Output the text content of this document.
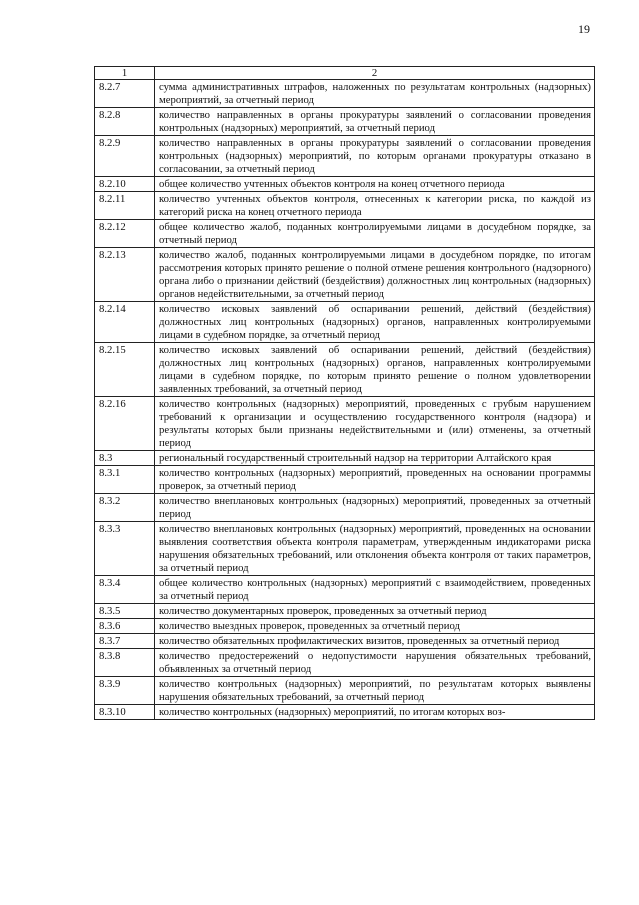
19
1	2
8.2.7	сумма административных штрафов, наложенных по результатам контрольных (надзорных) мероприятий, за отчетный период
8.2.8	количество направленных в органы прокуратуры заявлений о согласовании проведения контрольных (надзорных) мероприятий, за отчетный период
8.2.9	количество направленных в органы прокуратуры заявлений о согласовании проведения контрольных (надзорных) мероприятий, по которым органами прокуратуры отказано в согласовании, за отчетный период
8.2.10	общее количество учтенных объектов контроля на конец отчетного периода
8.2.11	количество учтенных объектов контроля, отнесенных к категории риска, по каждой из категорий риска на конец отчетного периода
8.2.12	общее количество жалоб, поданных контролируемыми лицами в досудебном порядке, за отчетный период
8.2.13	количество жалоб, поданных контролируемыми лицами в досудебном порядке, по итогам рассмотрения которых принято решение о полной отмене решения контрольного (надзорного) органа либо о признании действий (бездействия) должностных лиц контрольных (надзорных) органов недействительными, за отчетный период
8.2.14	количество исковых заявлений об оспаривании решений, действий (бездействия) должностных лиц контрольных (надзорных) органов, направленных контролируемыми лицами в судебном порядке, за отчетный период
8.2.15	количество исковых заявлений об оспаривании решений, действий (бездействия) должностных лиц контрольных (надзорных) органов, направленных контролируемыми лицами в судебном порядке, по которым принято решение о полном удовлетворении заявленных требований, за отчетный период
8.2.16	количество контрольных (надзорных) мероприятий, проведенных с грубым нарушением требований к организации и осуществлению государственного контроля (надзора) и результаты которых были признаны недействительными и (или) отменены, за отчетный период
8.3	региональный государственный строительный надзор на территории Алтайского края
8.3.1	количество контрольных (надзорных) мероприятий, проведенных на основании программы проверок, за отчетный период
8.3.2	количество внеплановых контрольных (надзорных) мероприятий, проведенных за отчетный период
8.3.3	количество внеплановых контрольных (надзорных) мероприятий, проведенных на основании выявления соответствия объекта контроля параметрам, утвержденным индикаторами риска нарушения обязательных требований, или отклонения объекта контроля от таких параметров, за отчетный период
8.3.4	общее количество контрольных (надзорных) мероприятий с взаимодействием, проведенных за отчетный период
8.3.5	количество документарных проверок, проведенных за отчетный период
8.3.6	количество выездных проверок, проведенных за отчетный период
8.3.7	количество обязательных профилактических визитов, проведенных за отчетный период
8.3.8	количество предостережений о недопустимости нарушения обязательных требований, объявленных за отчетный период
8.3.9	количество контрольных (надзорных) мероприятий, по результатам которых выявлены нарушения обязательных требований, за отчетный период
8.3.10	количество контрольных (надзорных) мероприятий, по итогам которых воз-
